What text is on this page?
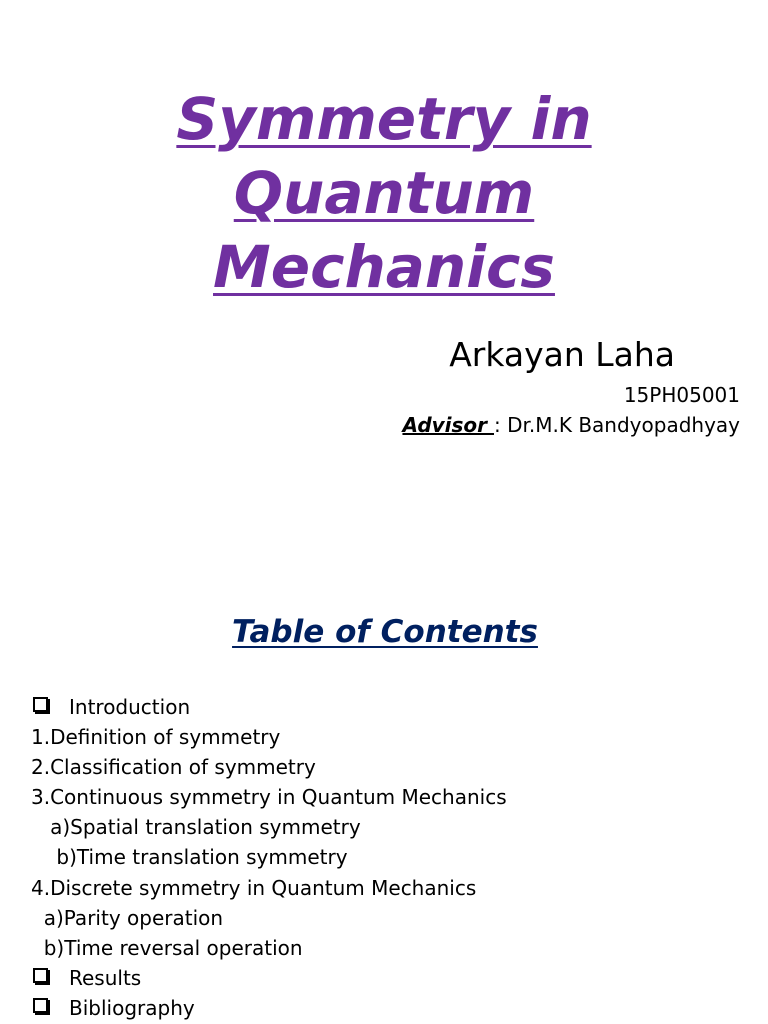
Symmetry in
Quantum
Mechanics
Arkayan Laha
15PH05001
Advisor : Dr.M.K Bandyopadhyay
Table of Contents
Introduction
1.Definition of symmetry
2.Classification of symmetry
3.Continuous symmetry in Quantum Mechanics
a)Spatial translation symmetry
b)Time translation symmetry
4.Discrete symmetry in Quantum Mechanics
a)Parity operation
b)Time reversal operation
Results
Bibliography
